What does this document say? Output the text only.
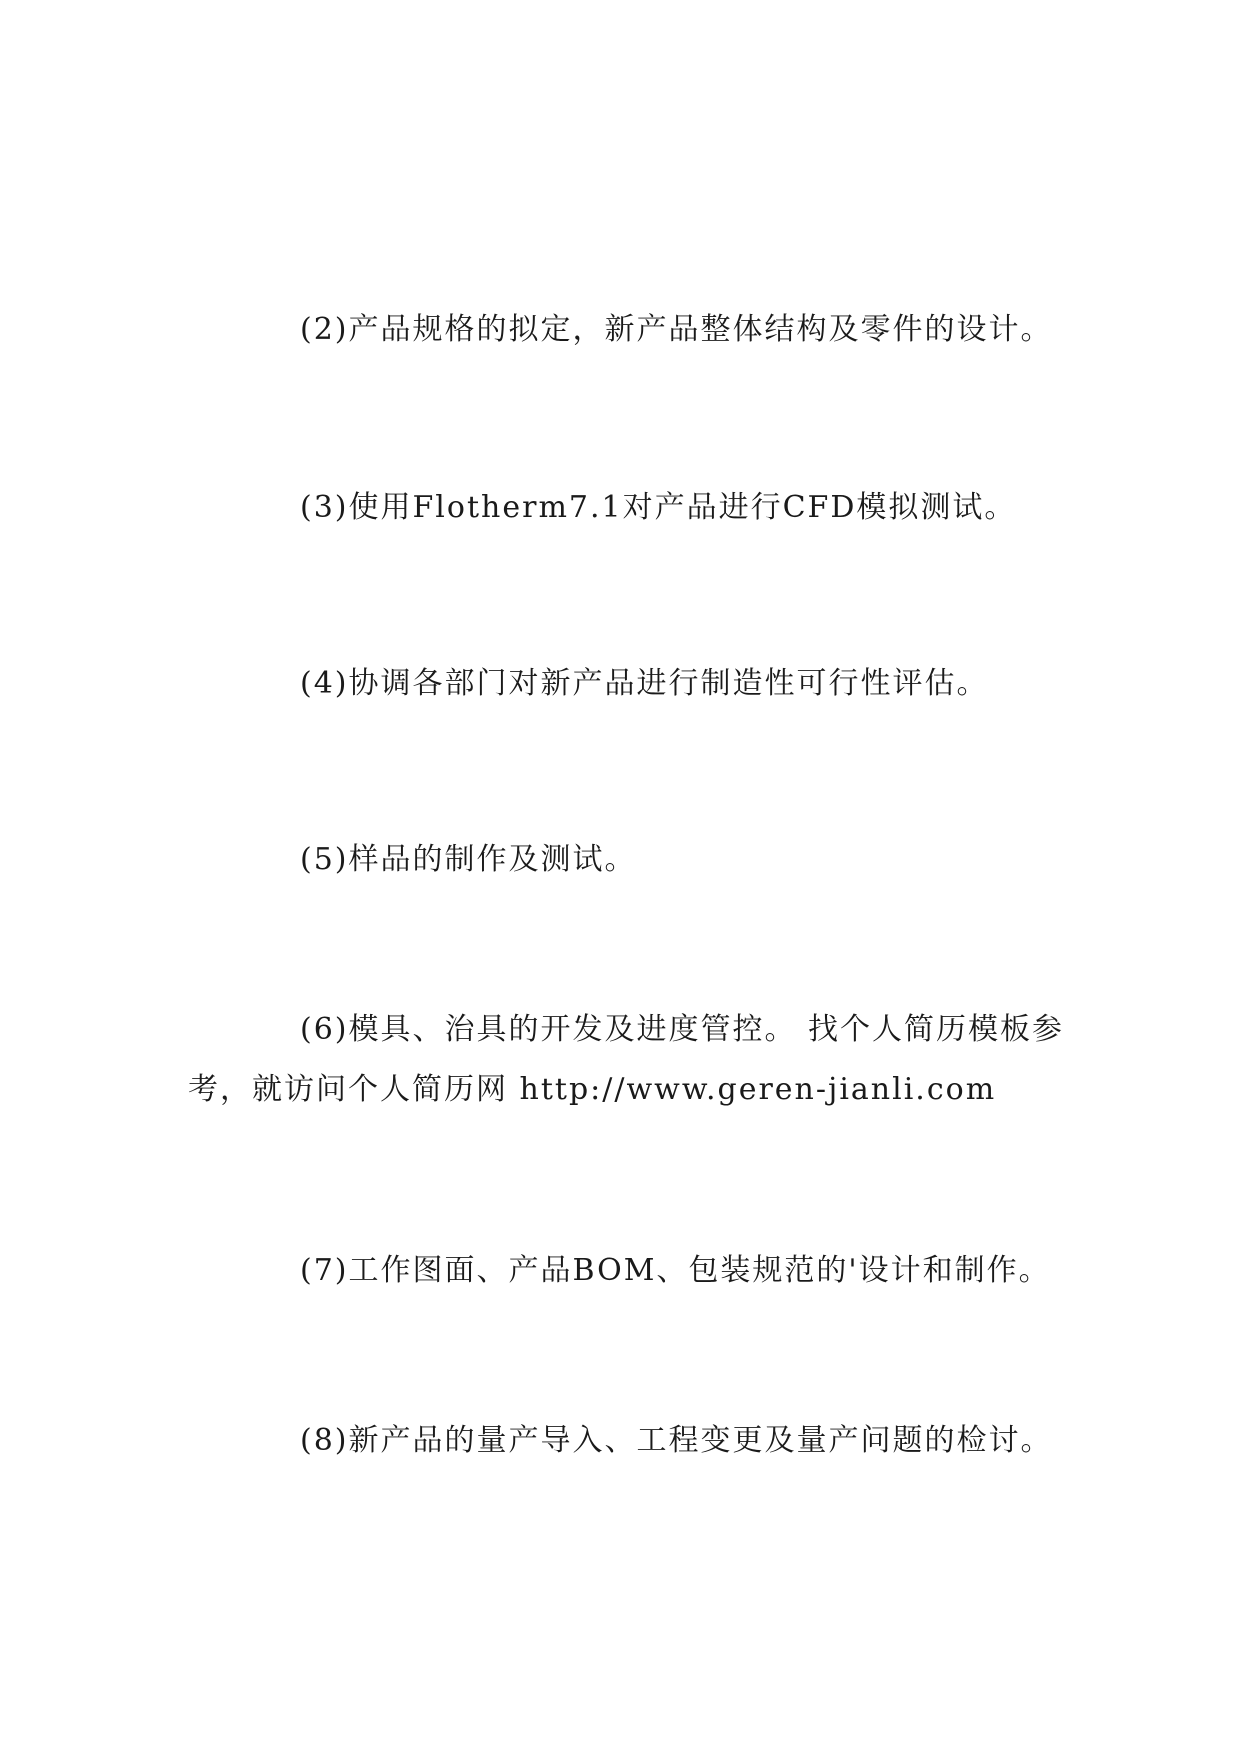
(2)产品规格的拟定，新产品整体结构及零件的设计。

(3)使用Flotherm7.1对产品进行CFD模拟测试。

(4)协调各部门对新产品进行制造性可行性评估。

(5)样品的制作及测试。

(6)模具、治具的开发及进度管控。 找个人简历模板参考，就访问个人简历网 http://www.geren-jianli.com

(7)工作图面、产品BOM、包装规范的'设计和制作。

(8)新产品的量产导入、工程变更及量产问题的检讨。
